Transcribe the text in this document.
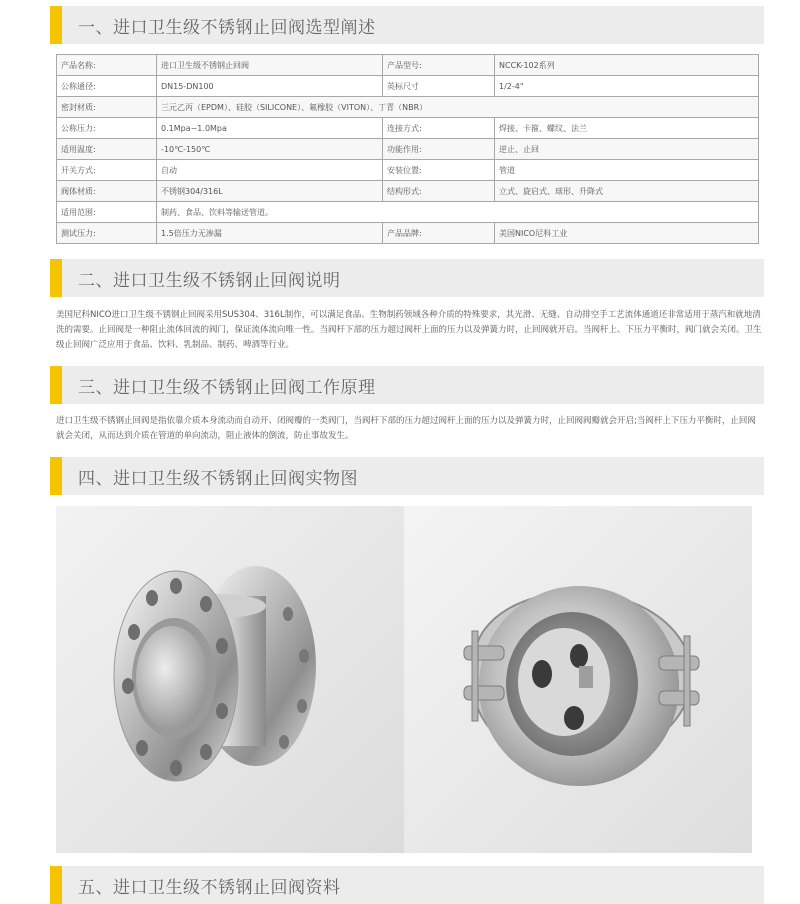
一、进口卫生级不锈钢止回阀选型阐述
产品名称:	进口卫生级不锈钢止回阀	产品型号:	NCCK-102系列
公称通径:	DN15-DN100	英标尺寸	1/2-4"
密封材质:	三元乙丙（EPDM）、硅胶（SILICONE）、氟橡胶（VITON）、丁青（NBR）		
公称压力:	0.1Mpa~1.0Mpa	连接方式:	焊接、卡箍、螺纹、法兰
适用温度:	-10℃-150℃	功能作用:	逆止、止回
开关方式:	自动	安装位置:	管道
阀体材质:	不锈钢304/316L	结构形式:	立式、旋启式、球形、升降式
适用范围:	制药、食品、饮料等输送管道。		
测试压力:	1.5倍压力无渗漏	产品品牌:	美国NICO尼科工业
二、进口卫生级不锈钢止回阀说明
美国尼科NICO进口卫生级不锈钢止回阀采用SUS304、316L制作，可以满足食品、生物制药领域各种介质的特殊要求，其光滑、无缝、自动排空手工艺流体通道还非常适用于蒸汽和就地清洗的需要。止回阀是一种阻止流体回流的阀门，保证流体流向唯一性。当阀杆下部的压力超过阀杆上面的压力以及弹簧力时，止回阀就开启。当阀杆上、下压力平衡时，阀门就会关闭。卫生级止回阀广泛应用于食品、饮料、乳制品、制药、啤酒等行业。
三、进口卫生级不锈钢止回阀工作原理
进口卫生级不锈钢止回阀是指依靠介质本身流动而自动开、闭阀瓣的一类阀门，当阀杆下部的压力超过阀杆上面的压力以及弹簧力时，止回阀阀瓣就会开启;当阀杆上下压力平衡时，止回阀就会关闭，从而达到介质在管道的单向流动，阻止液体的倒流，防止事故发生。
四、进口卫生级不锈钢止回阀实物图
五、进口卫生级不锈钢止回阀资料
